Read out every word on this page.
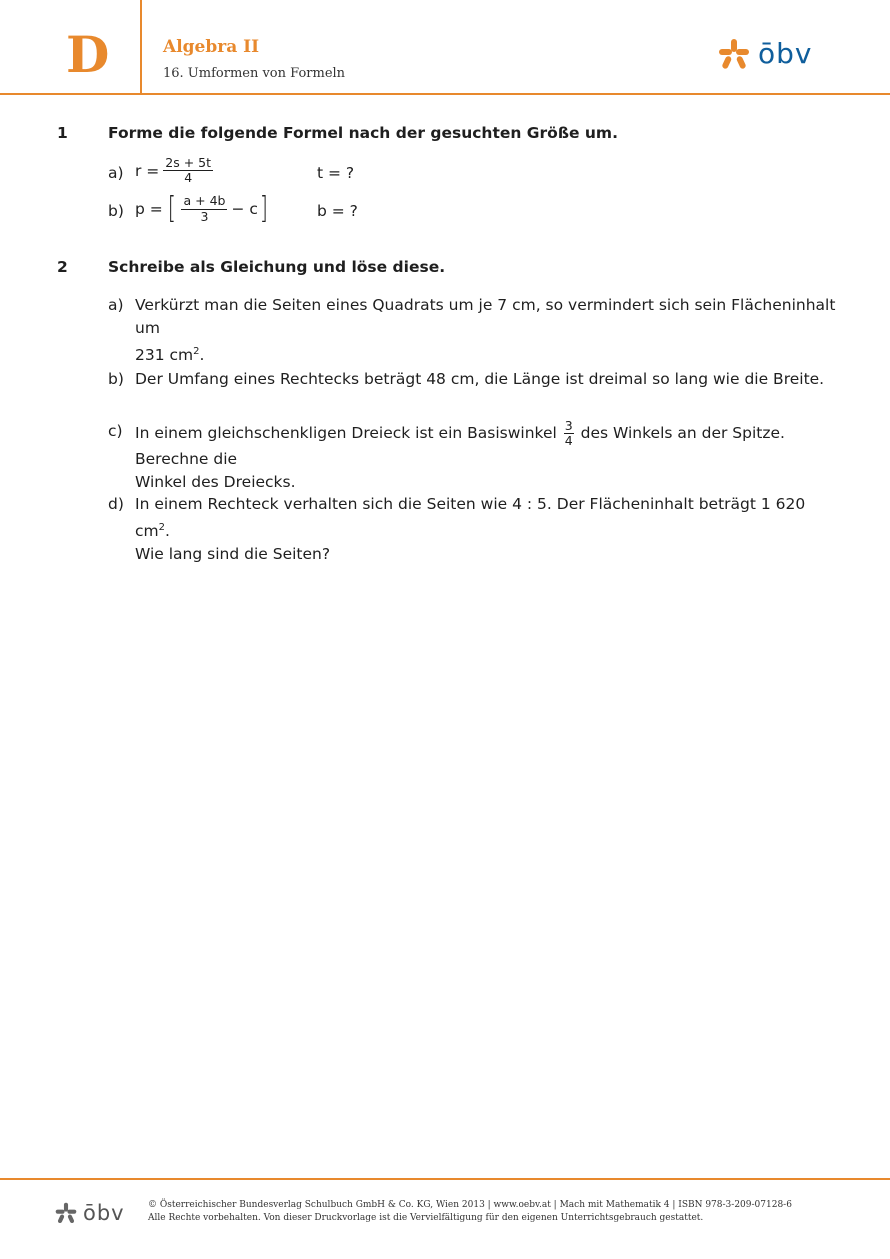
D	Algebra II
16. Umformen von Formeln
ōbv
1	Forme die folgende Formel nach der gesuchten Größe um.
a) $r = \frac{2s + 5t}{4}$	t = ?
b) p = [ $\frac{a + 4b}{3} - c$ ]	b = ?
2	Schreibe als Gleichung und löse diese.
a) Verkürzt man die Seiten eines Quadrats um je 7 cm, so vermindert sich sein Flächeninhalt um
231 $cm^2$.
b) Der Umfang eines Rechtecks beträgt 48 cm, die Länge ist dreimal so lang wie die Breite.
c) In einem gleichschenkligen Dreieck ist ein Basiswinkel $\frac{3}{4}$ des Winkels an der Spitze. Berechne die
Winkel des Dreiecks.
d) In einem Rechteck verhalten sich die Seiten wie 4 : 5. Der Flächeninhalt beträgt 1 620 $cm^2$.
Wie lang sind die Seiten?
ōbv	© Österreichischer Bundesverlag Schulbuch GmbH & Co. KG, Wien 2013 | www.oebv.at | Mach mit Mathematik 4 | ISBN 978-3-209-07128-6
Alle Rechte vorbehalten. Von dieser Druckvorlage ist die Vervielfältigung für den eigenen Unterrichtsgebrauch gestattet.
